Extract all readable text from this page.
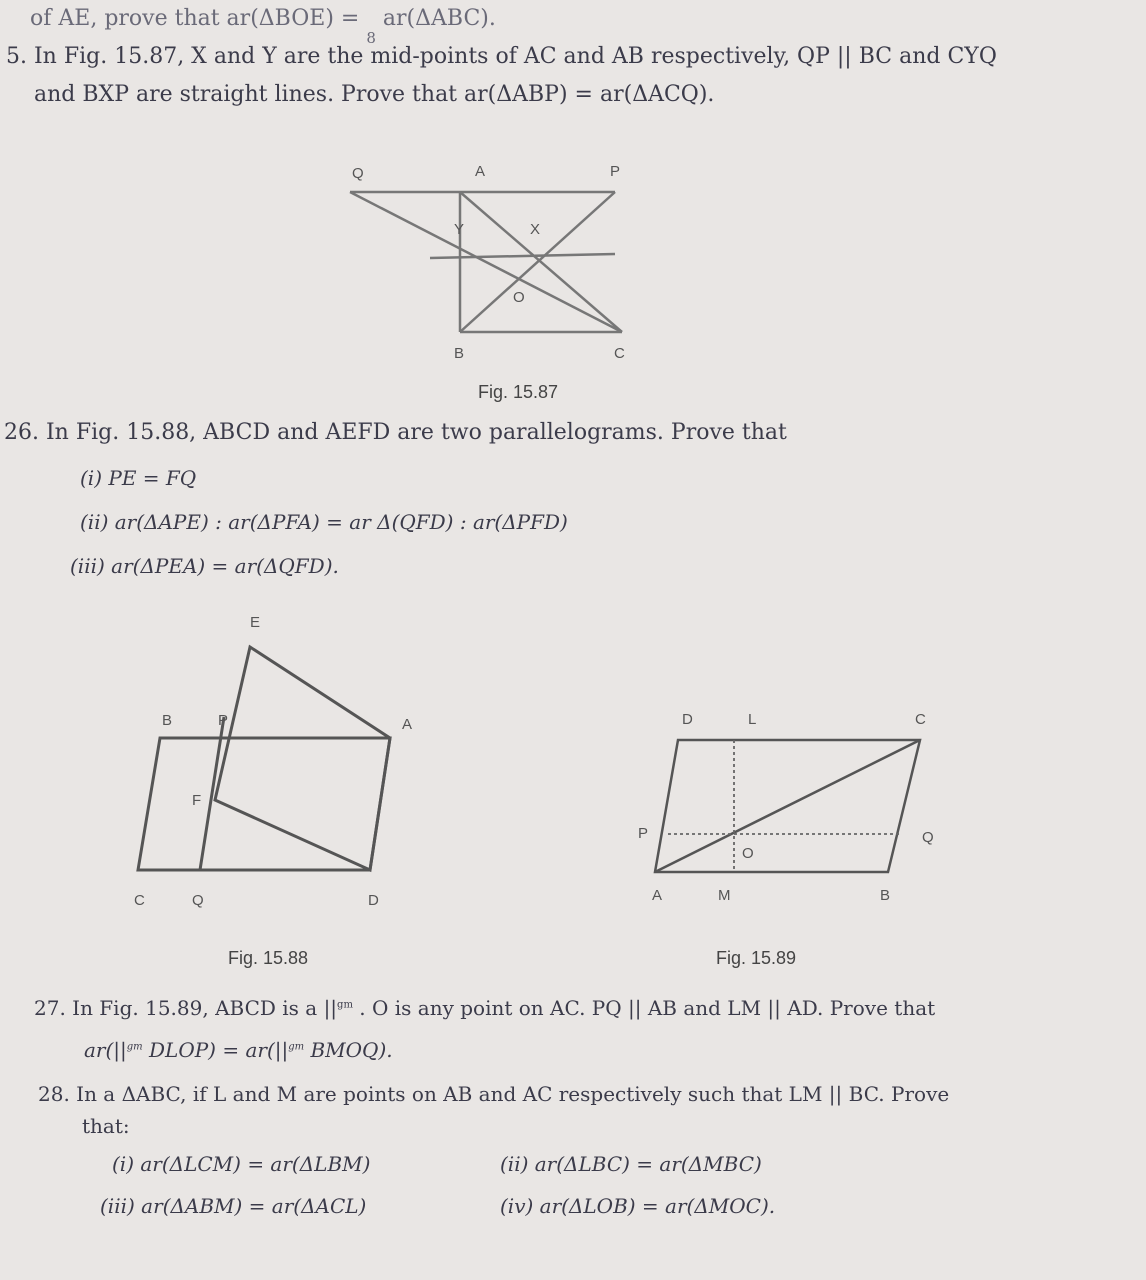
of AE, prove that ar(ΔBOE) = $_8$ ar(ΔABC).
5. In Fig. 15.87, X and Y are the mid-points of AC and AB respectively, QP || BC and CYQ
and BXP are straight lines. Prove that ar(ΔABP) = ar(ΔACQ).
Q	A	P
Y	X
O
B	C
Fig. 15.87
26. In Fig. 15.88, ABCD and AEFD are two parallelograms. Prove that
(i) PE = FQ
(ii) ar(ΔAPE) : ar(ΔPFA) = ar Δ(QFD) : ar(ΔPFD)
(iii) ar(ΔPEA) = ar(ΔQFD).
E
B	P	A
F
C	Q	D
Fig. 15.88
D	L	C
P
O
Q
A	M	B
Fig. 15.89
27. In Fig. 15.89, ABCD is a $||^{gm}$ . O is any point on AC. PQ || AB and LM || AD. Prove that
$ar(||^{gm}$ DLOP) = $ar(||^{gm}$ BMOQ).
28. In a ΔABC, if L and M are points on AB and AC respectively such that LM || BC. Prove
that:
(i) ar(ΔLCM) = ar(ΔLBM)	(ii) ar(ΔLBC) = ar(ΔMBC)
(iii) ar(ΔABM) = ar(ΔACL)	(iv) ar(ΔLOB) = ar(ΔMOC).
